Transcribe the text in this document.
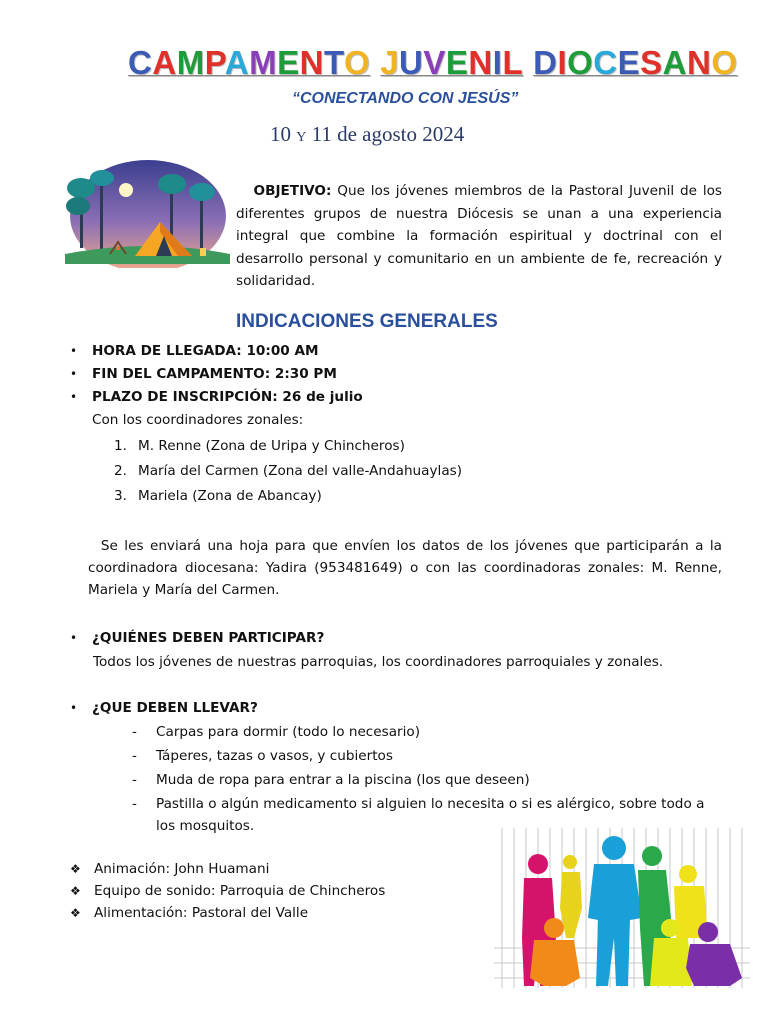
CAMPAMENTO JUVENIL DIOCESANO
“CONECTANDO CON JESÚS”
10 Y 11 de agosto 2024
OBJETIVO: Que los jóvenes miembros de la Pastoral Juvenil de los diferentes grupos de nuestra Diócesis se unan a una experiencia integral que combine la formación espiritual y doctrinal con el desarrollo personal y comunitario en un ambiente de fe, recreación y solidaridad.
INDICACIONES GENERALES
• HORA DE LLEGADA: 10:00 AM
• FIN DEL CAMPAMENTO: 2:30 PM
• PLAZO DE INSCRIPCIÓN: 26 de julio
Con los coordinadores zonales:
1. M. Renne (Zona de Uripa y Chincheros)
2. María del Carmen (Zona del valle-Andahuaylas)
3. Mariela (Zona de Abancay)
Se les enviará una hoja para que envíen los datos de los jóvenes que participarán a la coordinadora diocesana: Yadira (953481649) o con las coordinadoras zonales: M. Renne, Mariela y María del Carmen.
• ¿QUIÉNES DEBEN PARTICIPAR?
Todos los jóvenes de nuestras parroquias, los coordinadores parroquiales y zonales.
• ¿QUE DEBEN LLEVAR?
- Carpas para dormir (todo lo necesario)
- Táperes, tazas o vasos, y cubiertos
- Muda de ropa para entrar a la piscina (los que deseen)
- Pastilla o algún medicamento si alguien lo necesita o si es alérgico, sobre todo a
los mosquitos.
❖ Animación: John Huamani
❖ Equipo de sonido: Parroquia de Chincheros
❖ Alimentación: Pastoral del Valle
